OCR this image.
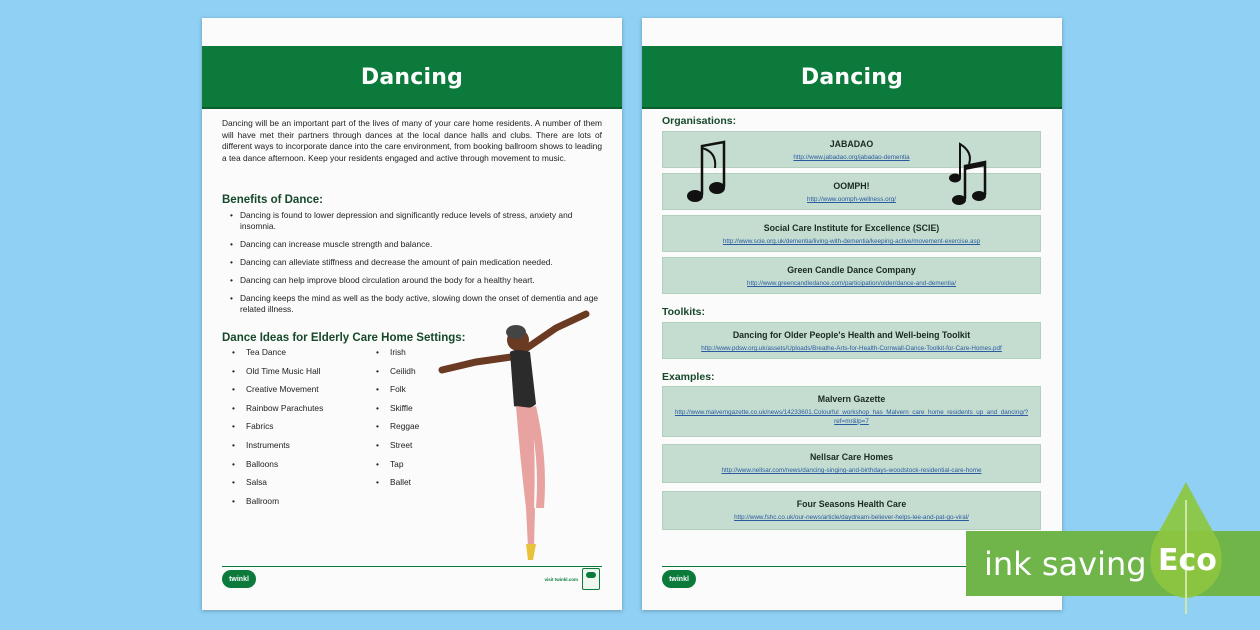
Dancing

Dancing will be an important part of the lives of many of your care home residents. A number of them will have met their partners through dances at the local dance halls and clubs. There are lots of different ways to incorporate dance into the care environment, from booking ballroom shows to leading a tea dance afternoon. Keep your residents engaged and active through movement to music.

Benefits of Dance:
• Dancing is found to lower depression and significantly reduce levels of stress, anxiety and insomnia.
• Dancing can increase muscle strength and balance.
• Dancing can alleviate stiffness and decrease the amount of pain medication needed.
• Dancing can help improve blood circulation around the body for a healthy heart.
• Dancing keeps the mind as well as the body active, slowing down the onset of dementia and age related illness.
Dance Ideas for Elderly Care Home Settings:
• Tea Dance
• Old Time Music Hall
• Creative Movement
• Rainbow Parachutes
• Fabrics
• Instruments
• Balloons
• Salsa
• Ballroom
• Irish
• Ceilidh
• Folk
• Skiffle
• Reggae
• Street
• Tap
• Ballet
twinkl	visit twinkl.com
Dancing
Organisations:
JABADAO
http://www.jabadao.org/jabadao-dementia
OOMPH!
http://www.oomph-wellness.org/
Social Care Institute for Excellence (SCIE)
http://www.scie.org.uk/dementia/living-with-dementia/keeping-active/movement-exercise.asp
Green Candle Dance Company
http://www.greencandledance.com/participation/older/dance-and-dementia/
Toolkits:
Dancing for Older People's Health and Well-being Toolkit
http://www.pdsw.org.uk/assets/Uploads/Breathe-Arts-for-Health-Cornwall-Dance-Toolkit-for-Care-Homes.pdf
Examples:
Malvern Gazette
http://www.malverngazette.co.uk/news/14233601.Colourful_workshop_has_Malvern_care_home_residents_up_and_dancing/?ref=mr&lp=7
Nellsar Care Homes
http://www.nellsar.com/news/dancing-singing-and-birthdays-woodstock-residential-care-home
Four Seasons Health Care
http://www.fshc.co.uk/our-news/article/daydream-believer-helps-lee-and-pat-go-viral/
twinkl	ink saving Eco
